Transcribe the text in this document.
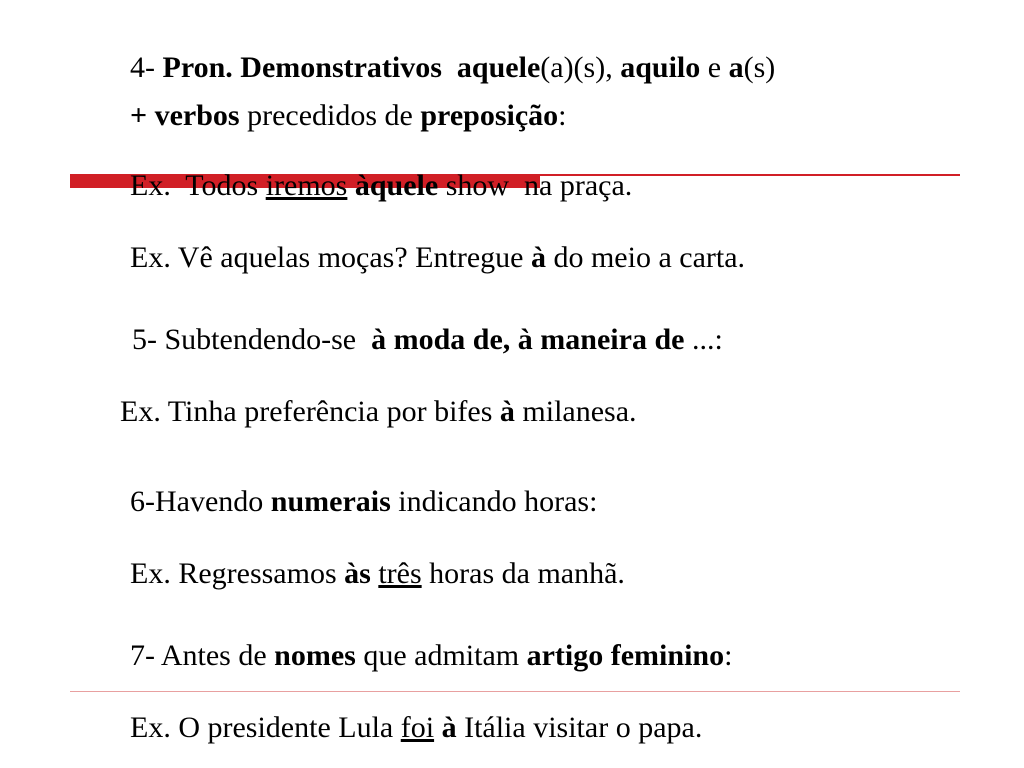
4- Pron. Demonstrativos aquele(a)(s), aquilo e a(s)
+ verbos precedidos de preposição:
Ex.  Todos iremos àquele show  na praça.
Ex. Vê aquelas moças? Entregue à do meio a carta.
5- Subtendendo-se  à moda de, à maneira de ...:
Ex. Tinha preferência por bifes à milanesa.
6-Havendo numerais indicando horas:
Ex. Regressamos às três horas da manhã.
7- Antes de nomes que admitam artigo feminino:
Ex. O presidente Lula foi à Itália visitar o papa.
